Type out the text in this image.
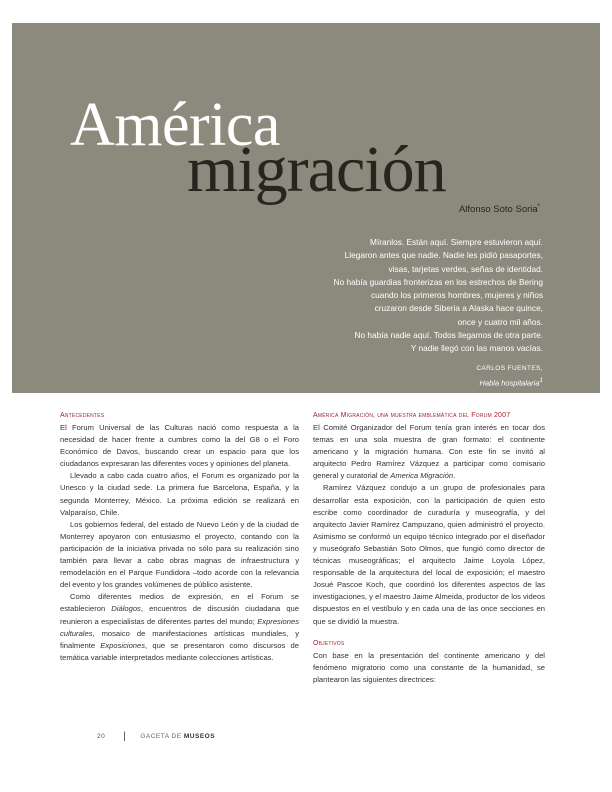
América
migración
Alfonso Soto Soria*
Míranlos. Están aquí. Siempre estuvieron aquí.
Llegaron antes que nadie. Nadie les pidió pasaportes,
visas, tarjetas verdes, señas de identidad.
No había guardias fronterizas en los estrechos de Bering
cuando los primeros hombres, mujeres y niños
cruzaron desde Siberia a Alaska hace quince,
once y cuatro mil años.
No había nadie aquí. Todos llegamos de otra parte.
Y nadie llegó con las manos vacías.
CARLOS FUENTES,
Habla hospitalaria$^1$
Antecedentes

El Forum Universal de las Culturas nació como respuesta a la necesidad de hacer frente a cumbres como la del G8 o el Foro Económico de Davos, buscando crear un espacio para que los ciudadanos expresaran las diferentes voces y opiniones del planeta.

Llevado a cabo cada cuatro años, el Forum es organizado por la Unesco y la ciudad sede. La primera fue Barcelona, España, y la segunda Monterrey, México. La próxima edición se realizará en Valparaíso, Chile.

Los gobiernos federal, del estado de Nuevo León y de la ciudad de Monterrey apoyaron con entusiasmo el proyecto, contando con la participación de la iniciativa privada no sólo para su realización sino también para llevar a cabo obras magnas de infraestructura y remodelación en el Parque Fundidora –todo acorde con la relevancia del evento y los grandes volúmenes de público asistente.

Como diferentes medios de expresión, en el Forum se establecieron Diálogos, encuentros de discusión ciudadana que reunieron a especialistas de diferentes partes del mundo; Expresiones culturales, mosaico de manifestaciones artísticas mundiales, y finalmente Exposiciones, que se presentaron como discursos de temática variable interpretados mediante colecciones artísticas.

América Migración, una muestra emblemática del Forum 2007

El Comité Organizador del Forum tenía gran interés en tocar dos temas en una sola muestra de gran formato: el continente americano y la migración humana. Con este fin se invitó al arquitecto Pedro Ramírez Vázquez a participar como comisario general y curatorial de America Migración.

Ramírez Vázquez condujo a un grupo de profesionales para desarrollar esta exposición, con la participación de quien esto escribe como coordinador de curaduría y museografía, y del arquitecto Javier Ramírez Campuzano, quien administró el proyecto. Asimismo se conformó un equipo técnico integrado por el diseñador y museógrafo Sebastián Soto Olmos, que fungió como director de técnicas museográficas; el arquitecto Jaime Loyola López, responsable de la arquitectura del local de exposición; el maestro Josué Pascoe Koch, que coordinó los diferentes aspectos de las investigaciones, y el maestro Jaime Almeida, productor de los videos dispuestos en el vestíbulo y en cada una de las once secciones en que se dividió la muestra.

Objetivos

Con base en la presentación del continente americano y del fenómeno migratorio como una constante de la humanidad, se plantearon las siguientes directrices:

20 | GACETA DE MUSEOS
